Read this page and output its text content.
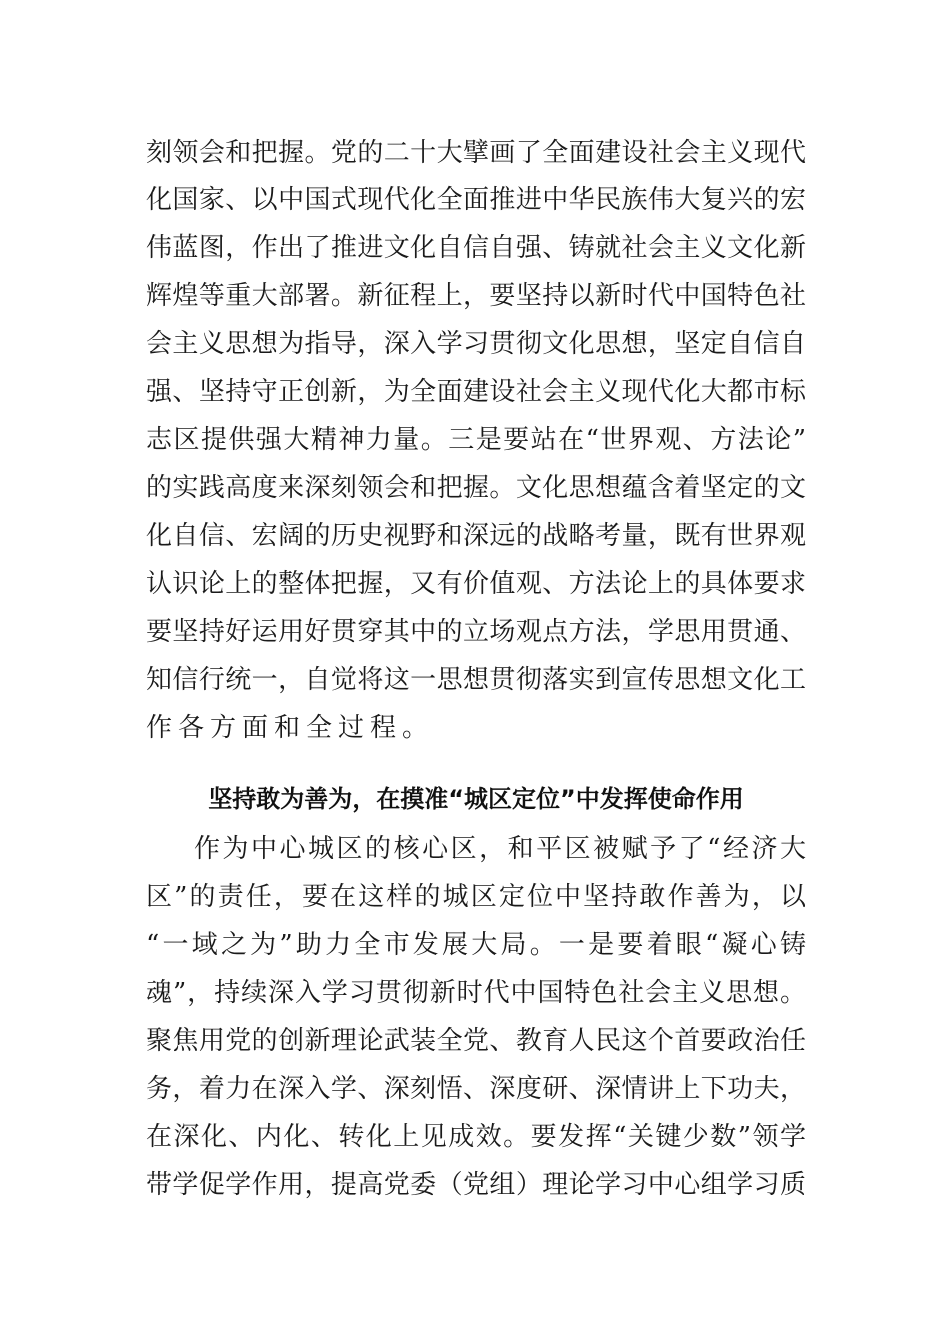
刻领会和把握。党的二十大擘画了全面建设社会主义现代
化国家、以中国式现代化全面推进中华民族伟大复兴的宏
伟蓝图，作出了推进文化自信自强、铸就社会主义文化新
辉煌等重大部署。新征程上，要坚持以新时代中国特色社
会主义思想为指导，深入学习贯彻文化思想，坚定自信自
强、坚持守正创新，为全面建设社会主义现代化大都市标
志区提供强大精神力量。三是要站在“世界观、方法论”
的实践高度来深刻领会和把握。文化思想蕴含着坚定的文
化自信、宏阔的历史视野和深远的战略考量，既有世界观
认识论上的整体把握，又有价值观、方法论上的具体要求
要坚持好运用好贯穿其中的立场观点方法，学思用贯通、
知信行统一，自觉将这一思想贯彻落实到宣传思想文化工
作各方面和全过程。
坚持敢为善为，在摸准“城区定位”中发挥使命作用
作为中心城区的核心区，和平区被赋予了“经济大
区”的责任，要在这样的城区定位中坚持敢作善为，以
“一域之为”助力全市发展大局。一是要着眼“凝心铸
魂”，持续深入学习贯彻新时代中国特色社会主义思想。
聚焦用党的创新理论武装全党、教育人民这个首要政治任
务，着力在深入学、深刻悟、深度研、深情讲上下功夫，
在深化、内化、转化上见成效。要发挥“关键少数”领学
带学促学作用，提高党委（党组）理论学习中心组学习质
